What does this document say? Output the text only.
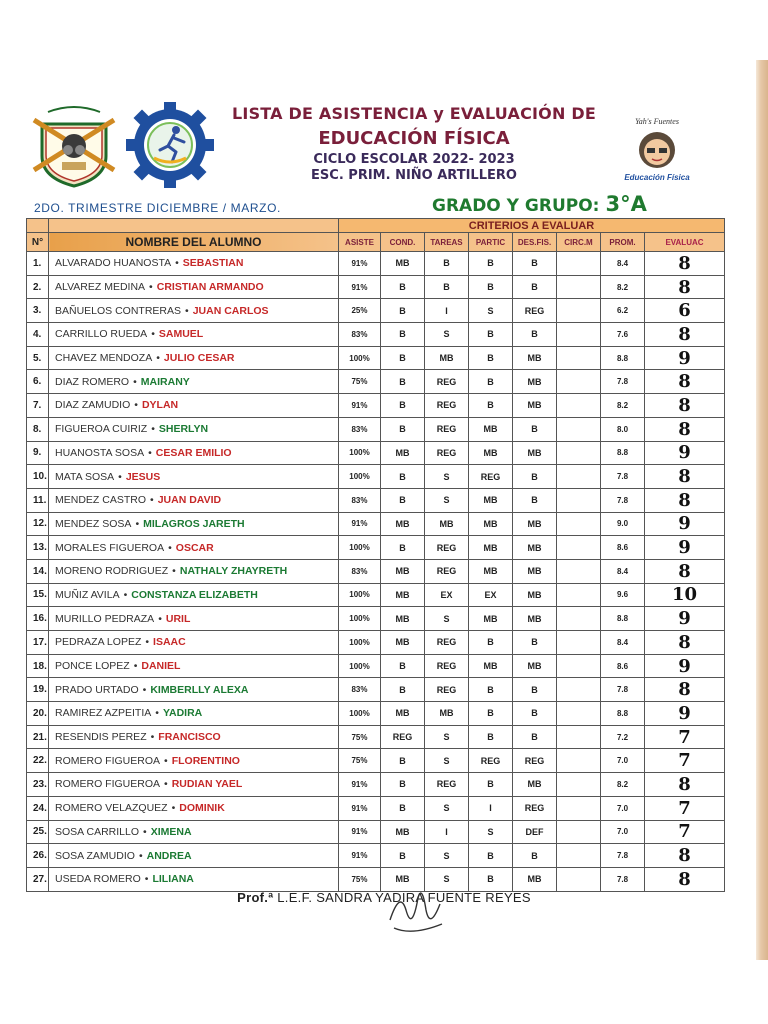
Yah's Fuentes
Educación Física
LISTA DE ASISTENCIA y EVALUACIÓN DE
EDUCACIÓN FÍSICA
CICLO ESCOLAR 2022- 2023
ESC. PRIM. NIÑO ARTILLERO
2DO. TRIMESTRE DICIEMBRE / MARZO.	GRADO Y GRUPO: 3°A
		CRITERIOS A EVALUAR							
N°	NOMBRE DEL ALUMNO	ASISTE	COND.	TAREAS	PARTIC	DES.FIS.	CIRC.M	PROM.	EVALUAC
1.	ALVARADO HUANOSTA • SEBASTIAN	91%	MB	B	B	B		8.4	8
2.	ALVAREZ MEDINA • CRISTIAN ARMANDO	91%	B	B	B	B		8.2	8
3.	BAÑUELOS CONTRERAS • JUAN CARLOS	25%	B	I	S	REG		6.2	6
4.	CARRILLO RUEDA • SAMUEL	83%	B	S	B	B		7.6	8
5.	CHAVEZ MENDOZA • JULIO CESAR	100%	B	MB	B	MB		8.8	9
6.	DIAZ ROMERO • MAIRANY	75%	B	REG	B	MB		7.8	8
7.	DIAZ ZAMUDIO • DYLAN	91%	B	REG	B	MB		8.2	8
8.	FIGUEROA CUIRIZ • SHERLYN	83%	B	REG	MB	B		8.0	8
9.	HUANOSTA SOSA • CESAR EMILIO	100%	MB	REG	MB	MB		8.8	9
10.	MATA SOSA • JESUS	100%	B	S	REG	B		7.8	8
11.	MENDEZ CASTRO • JUAN DAVID	83%	B	S	MB	B		7.8	8
12.	MENDEZ SOSA • MILAGROS JARETH	91%	MB	MB	MB	MB		9.0	9
13.	MORALES FIGUEROA • OSCAR	100%	B	REG	MB	MB		8.6	9
14.	MORENO RODRIGUEZ • NATHALY ZHAYRETH	83%	MB	REG	MB	MB		8.4	8
15.	MUÑIZ AVILA • CONSTANZA ELIZABETH	100%	MB	EX	EX	MB		9.6	10
16.	MURILLO PEDRAZA • URIL	100%	MB	S	MB	MB		8.8	9
17.	PEDRAZA LOPEZ • ISAAC	100%	MB	REG	B	B		8.4	8
18.	PONCE LOPEZ • DANIEL	100%	B	REG	MB	MB		8.6	9
19.	PRADO URTADO • KIMBERLLY ALEXA	83%	B	REG	B	B		7.8	8
20.	RAMIREZ AZPEITIA • YADIRA	100%	MB	MB	B	B		8.8	9
21.	RESENDIS PEREZ • FRANCISCO	75%	REG	S	B	B		7.2	7
22.	ROMERO FIGUEROA • FLORENTINO	75%	B	S	REG	REG		7.0	7
23.	ROMERO FIGUEROA • RUDIAN YAEL	91%	B	REG	B	MB		8.2	8
24.	ROMERO VELAZQUEZ • DOMINIK	91%	B	S	I	REG		7.0	7
25.	SOSA CARRILLO • XIMENA	91%	MB	I	S	DEF		7.0	7
26.	SOSA ZAMUDIO • ANDREA	91%	B	S	B	B		7.8	8
27.	USEDA ROMERO • LILIANA	75%	MB	S	B	MB		7.8	8
Prof.ª L.E.F. SANDRA YADIRA FUENTE REYES
